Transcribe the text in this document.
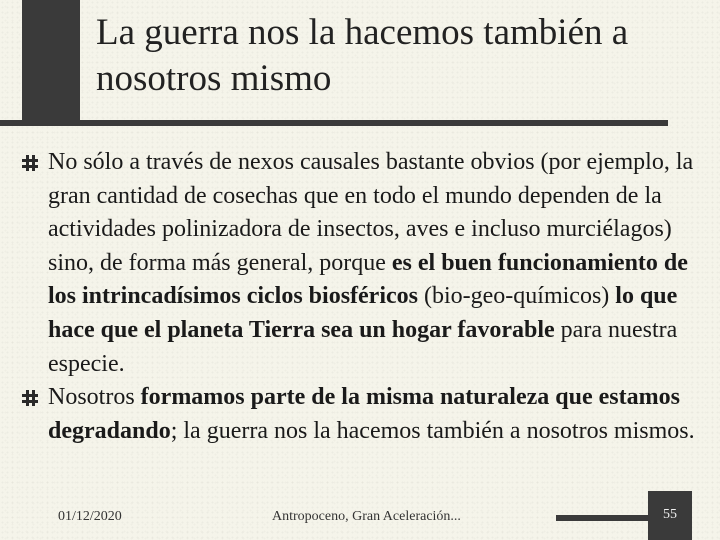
La guerra nos la hacemos también a nosotros mismo
No sólo a través de nexos causales bastante obvios (por ejemplo, la gran cantidad de cosechas que en todo el mundo dependen de la actividades polinizadora de insectos, aves e incluso murciélagos) sino, de forma más general, porque es el buen funcionamiento de los intrincadísimos ciclos biosféricos (bio-geo-químicos) lo que hace que el planeta Tierra sea un hogar favorable para nuestra especie.
Nosotros formamos parte de la misma naturaleza que estamos degradando; la guerra nos la hacemos también a nosotros mismos.
01/12/2020	Antropoceno, Gran Aceleración...	55
